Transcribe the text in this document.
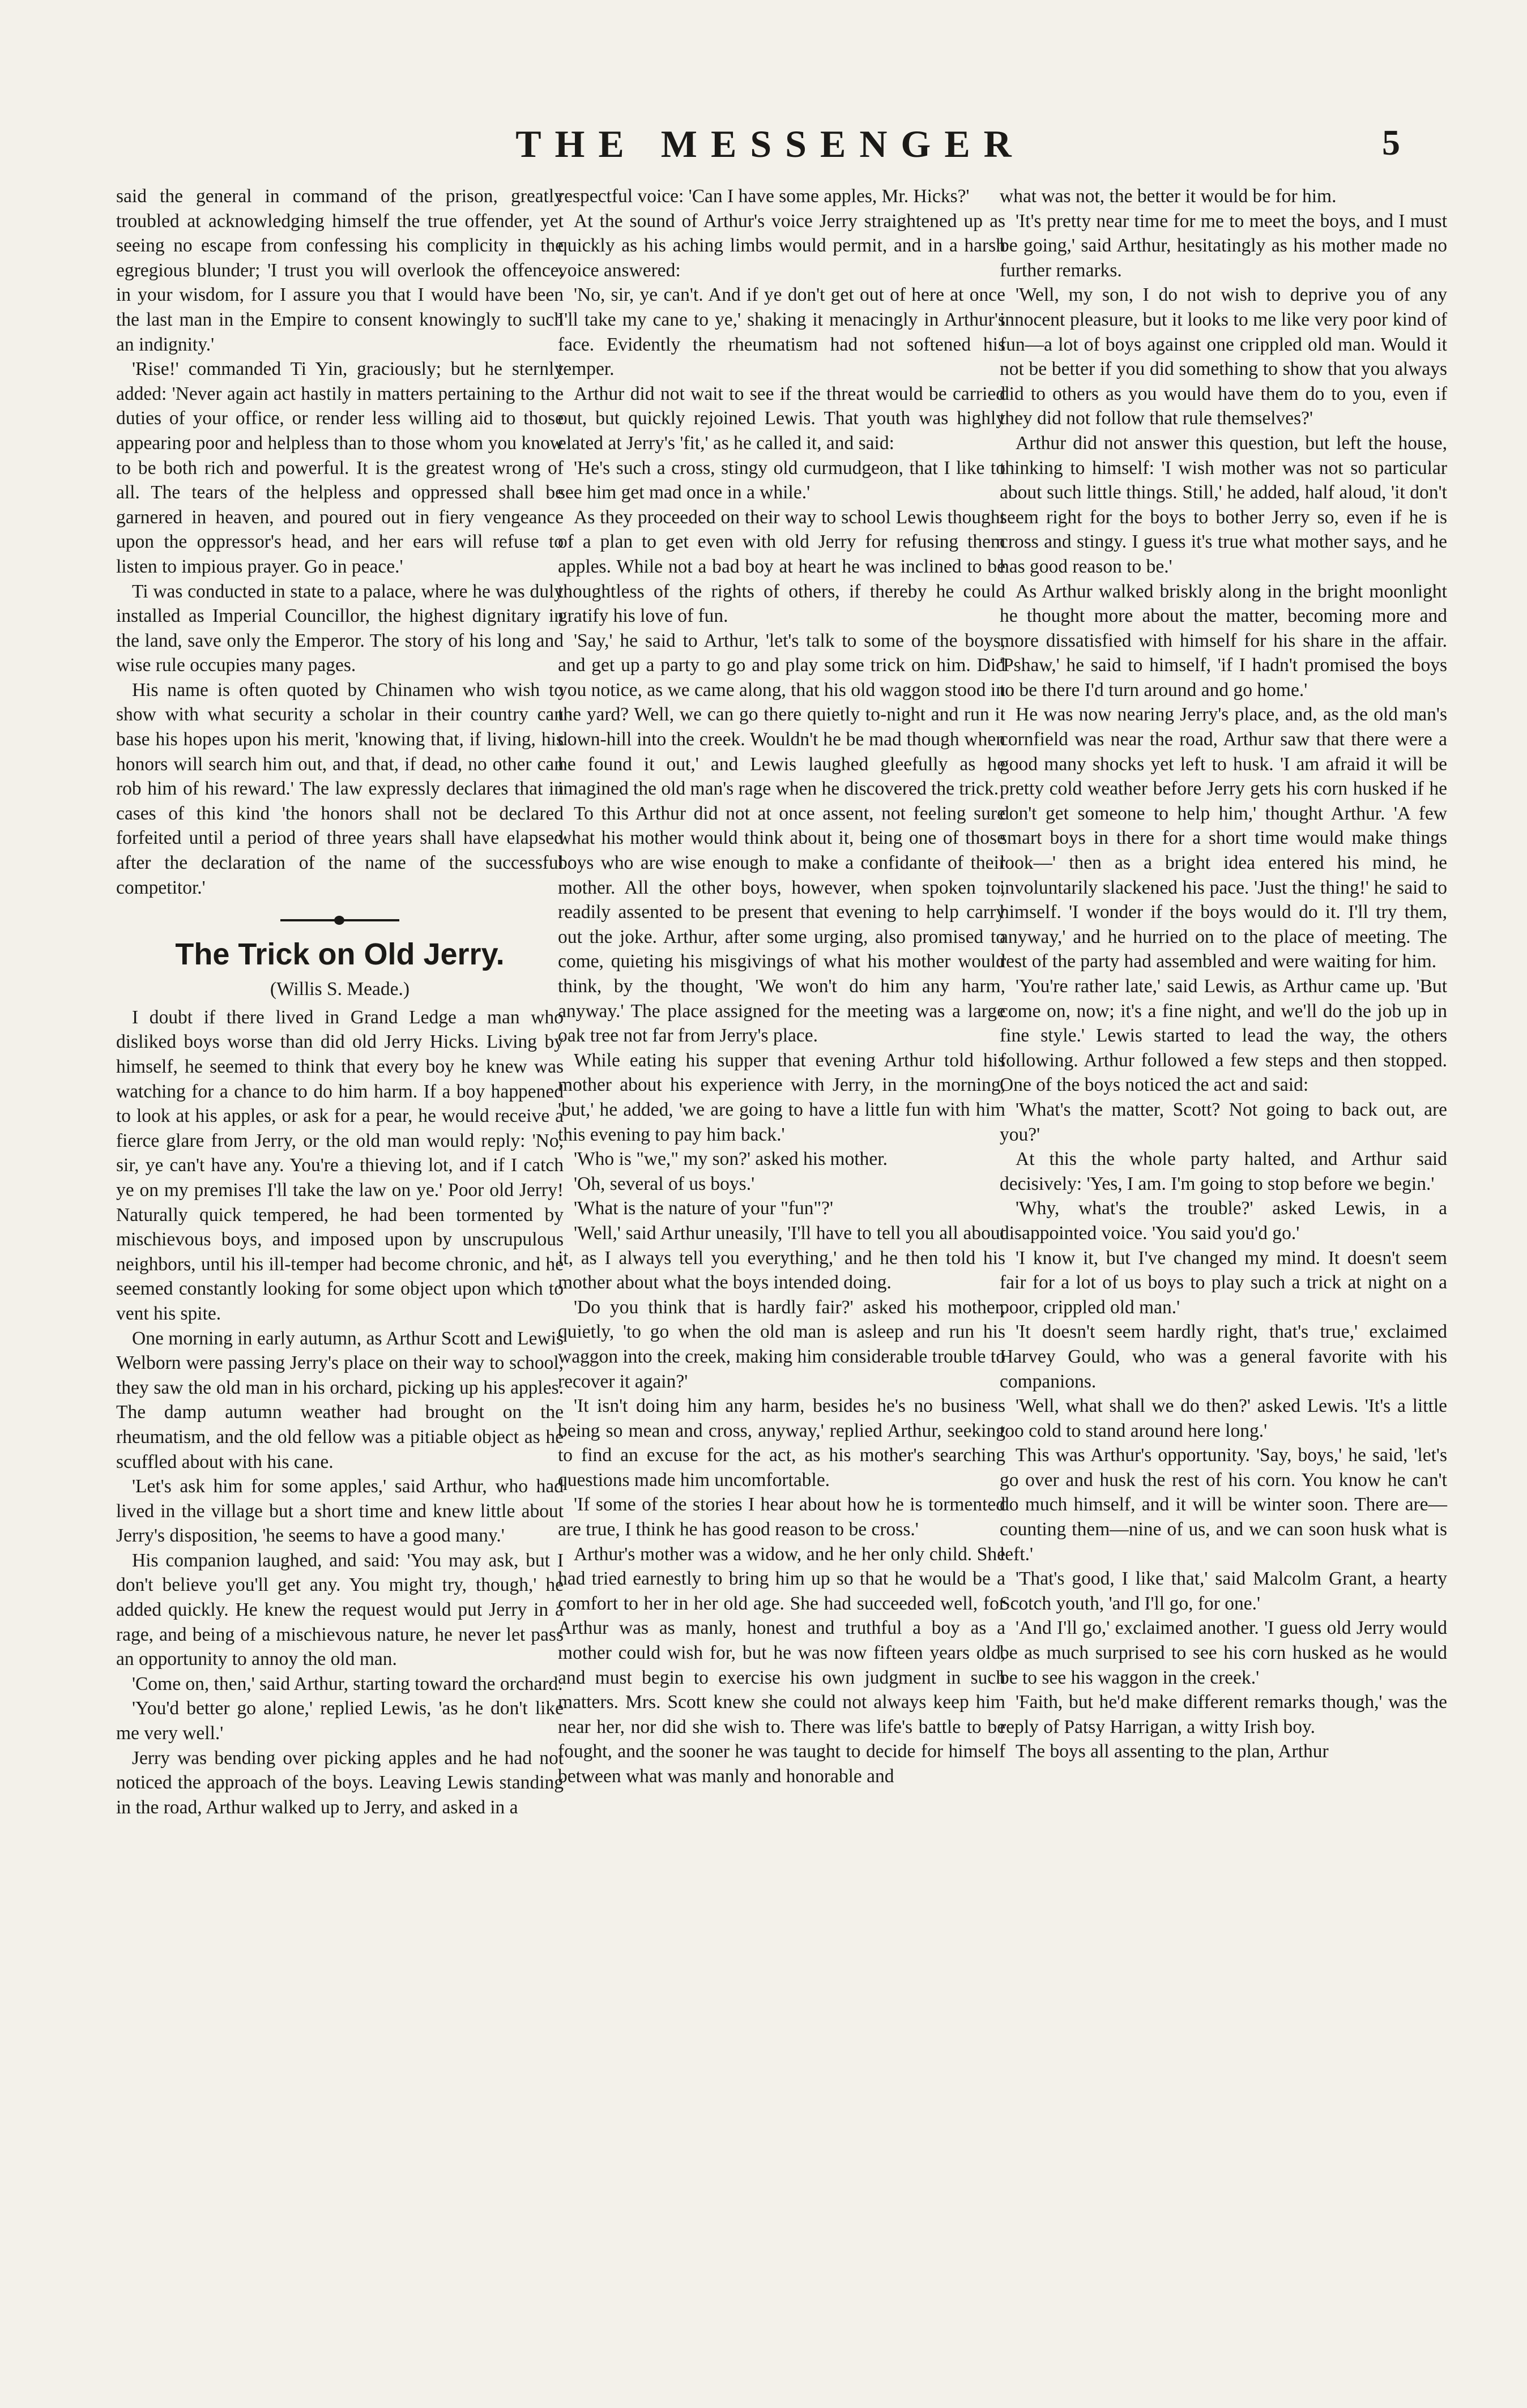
THE MESSENGER	5

said the general in command of the prison, greatly troubled at acknowledging himself the true offender, yet seeing no escape from confessing his complicity in the egregious blunder; 'I trust you will overlook the offence, in your wisdom, for I assure you that I would have been the last man in the Empire to consent knowingly to such an indignity.'

'Rise!' commanded Ti Yin, graciously; but he sternly added: 'Never again act hastily in matters pertaining to the duties of your office, or render less willing aid to those appearing poor and helpless than to those whom you know to be both rich and powerful. It is the greatest wrong of all. The tears of the helpless and oppressed shall be garnered in heaven, and poured out in fiery vengeance upon the oppressor's head, and her ears will refuse to listen to impious prayer. Go in peace.'

Ti was conducted in state to a palace, where he was duly installed as Imperial Councillor, the highest dignitary in the land, save only the Emperor. The story of his long and wise rule occupies many pages.

His name is often quoted by Chinamen who wish to show with what security a scholar in their country can base his hopes upon his merit, 'knowing that, if living, his honors will search him out, and that, if dead, no other can rob him of his reward.' The law expressly declares that in cases of this kind 'the honors shall not be declared forfeited until a period of three years shall have elapsed after the declaration of the name of the successful competitor.'

The Trick on Old Jerry.
(Willis S. Meade.)

I doubt if there lived in Grand Ledge a man who disliked boys worse than did old Jerry Hicks. Living by himself, he seemed to think that every boy he knew was watching for a chance to do him harm. If a boy happened to look at his apples, or ask for a pear, he would receive a fierce glare from Jerry, or the old man would reply: 'No, sir, ye can't have any. You're a thieving lot, and if I catch ye on my premises I'll take the law on ye.' Poor old Jerry! Naturally quick tempered, he had been tormented by mischievous boys, and imposed upon by unscrupulous neighbors, until his ill-temper had become chronic, and he seemed constantly looking for some object upon which to vent his spite.

One morning in early autumn, as Arthur Scott and Lewis Welborn were passing Jerry's place on their way to school, they saw the old man in his orchard, picking up his apples. The damp autumn weather had brought on the rheumatism, and the old fellow was a pitiable object as he scuffled about with his cane.

'Let's ask him for some apples,' said Arthur, who had lived in the village but a short time and knew little about Jerry's disposition, 'he seems to have a good many.'

His companion laughed, and said: 'You may ask, but I don't believe you'll get any. You might try, though,' he added quickly. He knew the request would put Jerry in a rage, and being of a mischievous nature, he never let pass an opportunity to annoy the old man.

'Come on, then,' said Arthur, starting toward the orchard.

'You'd better go alone,' replied Lewis, 'as he don't like me very well.'

Jerry was bending over picking apples and he had not noticed the approach of the boys. Leaving Lewis standing in the road, Arthur walked up to Jerry, and asked in a

respectful voice: 'Can I have some apples, Mr. Hicks?'

At the sound of Arthur's voice Jerry straightened up as quickly as his aching limbs would permit, and in a harsh voice answered:

'No, sir, ye can't. And if ye don't get out of here at once I'll take my cane to ye,' shaking it menacingly in Arthur's face. Evidently the rheumatism had not softened his temper.

Arthur did not wait to see if the threat would be carried out, but quickly rejoined Lewis. That youth was highly elated at Jerry's 'fit,' as he called it, and said:

'He's such a cross, stingy old curmudgeon, that I like to see him get mad once in a while.'

As they proceeded on their way to school Lewis thought of a plan to get even with old Jerry for refusing them apples. While not a bad boy at heart he was inclined to be thoughtless of the rights of others, if thereby he could gratify his love of fun.

'Say,' he said to Arthur, 'let's talk to some of the boys, and get up a party to go and play some trick on him. Did you notice, as we came along, that his old waggon stood in the yard? Well, we can go there quietly to-night and run it down-hill into the creek. Wouldn't he be mad though when he found it out,' and Lewis laughed gleefully as he imagined the old man's rage when he discovered the trick.

To this Arthur did not at once assent, not feeling sure what his mother would think about it, being one of those boys who are wise enough to make a confidante of their mother. All the other boys, however, when spoken to, readily assented to be present that evening to help carry out the joke. Arthur, after some urging, also promised to come, quieting his misgivings of what his mother would think, by the thought, 'We won't do him any harm, anyway.' The place assigned for the meeting was a large oak tree not far from Jerry's place.

While eating his supper that evening Arthur told his mother about his experience with Jerry, in the morning, 'but,' he added, 'we are going to have a little fun with him this evening to pay him back.'

'Who is "we," my son?' asked his mother.

'Oh, several of us boys.'

'What is the nature of your "fun"?'

'Well,' said Arthur uneasily, 'I'll have to tell you all about it, as I always tell you everything,' and he then told his mother about what the boys intended doing.

'Do you think that is hardly fair?' asked his mother, quietly, 'to go when the old man is asleep and run his waggon into the creek, making him considerable trouble to recover it again?'

'It isn't doing him any harm, besides he's no business being so mean and cross, anyway,' replied Arthur, seeking to find an excuse for the act, as his mother's searching questions made him uncomfortable.

'If some of the stories I hear about how he is tormented are true, I think he has good reason to be cross.'

Arthur's mother was a widow, and he her only child. She had tried earnestly to bring him up so that he would be a comfort to her in her old age. She had succeeded well, for Arthur was as manly, honest and truthful a boy as a mother could wish for, but he was now fifteen years old, and must begin to exercise his own judgment in such matters. Mrs. Scott knew she could not always keep him near her, nor did she wish to. There was life's battle to be fought, and the sooner he was taught to decide for himself between what was manly and honorable and

what was not, the better it would be for him.

'It's pretty near time for me to meet the boys, and I must be going,' said Arthur, hesitatingly as his mother made no further remarks.

'Well, my son, I do not wish to deprive you of any innocent pleasure, but it looks to me like very poor kind of fun—a lot of boys against one crippled old man. Would it not be better if you did something to show that you always did to others as you would have them do to you, even if they did not follow that rule themselves?'

Arthur did not answer this question, but left the house, thinking to himself: 'I wish mother was not so particular about such little things. Still,' he added, half aloud, 'it don't seem right for the boys to bother Jerry so, even if he is cross and stingy. I guess it's true what mother says, and he has good reason to be.'

As Arthur walked briskly along in the bright moonlight he thought more about the matter, becoming more and more dissatisfied with himself for his share in the affair. 'Pshaw,' he said to himself, 'if I hadn't promised the boys to be there I'd turn around and go home.'

He was now nearing Jerry's place, and, as the old man's cornfield was near the road, Arthur saw that there were a good many shocks yet left to husk. 'I am afraid it will be pretty cold weather before Jerry gets his corn husked if he don't get someone to help him,' thought Arthur. 'A few smart boys in there for a short time would make things look—' then as a bright idea entered his mind, he involuntarily slackened his pace. 'Just the thing!' he said to himself. 'I wonder if the boys would do it. I'll try them, anyway,' and he hurried on to the place of meeting. The rest of the party had assembled and were waiting for him.

'You're rather late,' said Lewis, as Arthur came up. 'But come on, now; it's a fine night, and we'll do the job up in fine style.' Lewis started to lead the way, the others following. Arthur followed a few steps and then stopped. One of the boys noticed the act and said:

'What's the matter, Scott? Not going to back out, are you?'

At this the whole party halted, and Arthur said decisively: 'Yes, I am. I'm going to stop before we begin.'

'Why, what's the trouble?' asked Lewis, in a disappointed voice. 'You said you'd go.'

'I know it, but I've changed my mind. It doesn't seem fair for a lot of us boys to play such a trick at night on a poor, crippled old man.'

'It doesn't seem hardly right, that's true,' exclaimed Harvey Gould, who was a general favorite with his companions.

'Well, what shall we do then?' asked Lewis. 'It's a little too cold to stand around here long.'

This was Arthur's opportunity. 'Say, boys,' he said, 'let's go over and husk the rest of his corn. You know he can't do much himself, and it will be winter soon. There are—counting them—nine of us, and we can soon husk what is left.'

'That's good, I like that,' said Malcolm Grant, a hearty Scotch youth, 'and I'll go, for one.'

'And I'll go,' exclaimed another. 'I guess old Jerry would be as much surprised to see his corn husked as he would be to see his waggon in the creek.'

'Faith, but he'd make different remarks though,' was the reply of Patsy Harrigan, a witty Irish boy.

The boys all assenting to the plan, Arthur
